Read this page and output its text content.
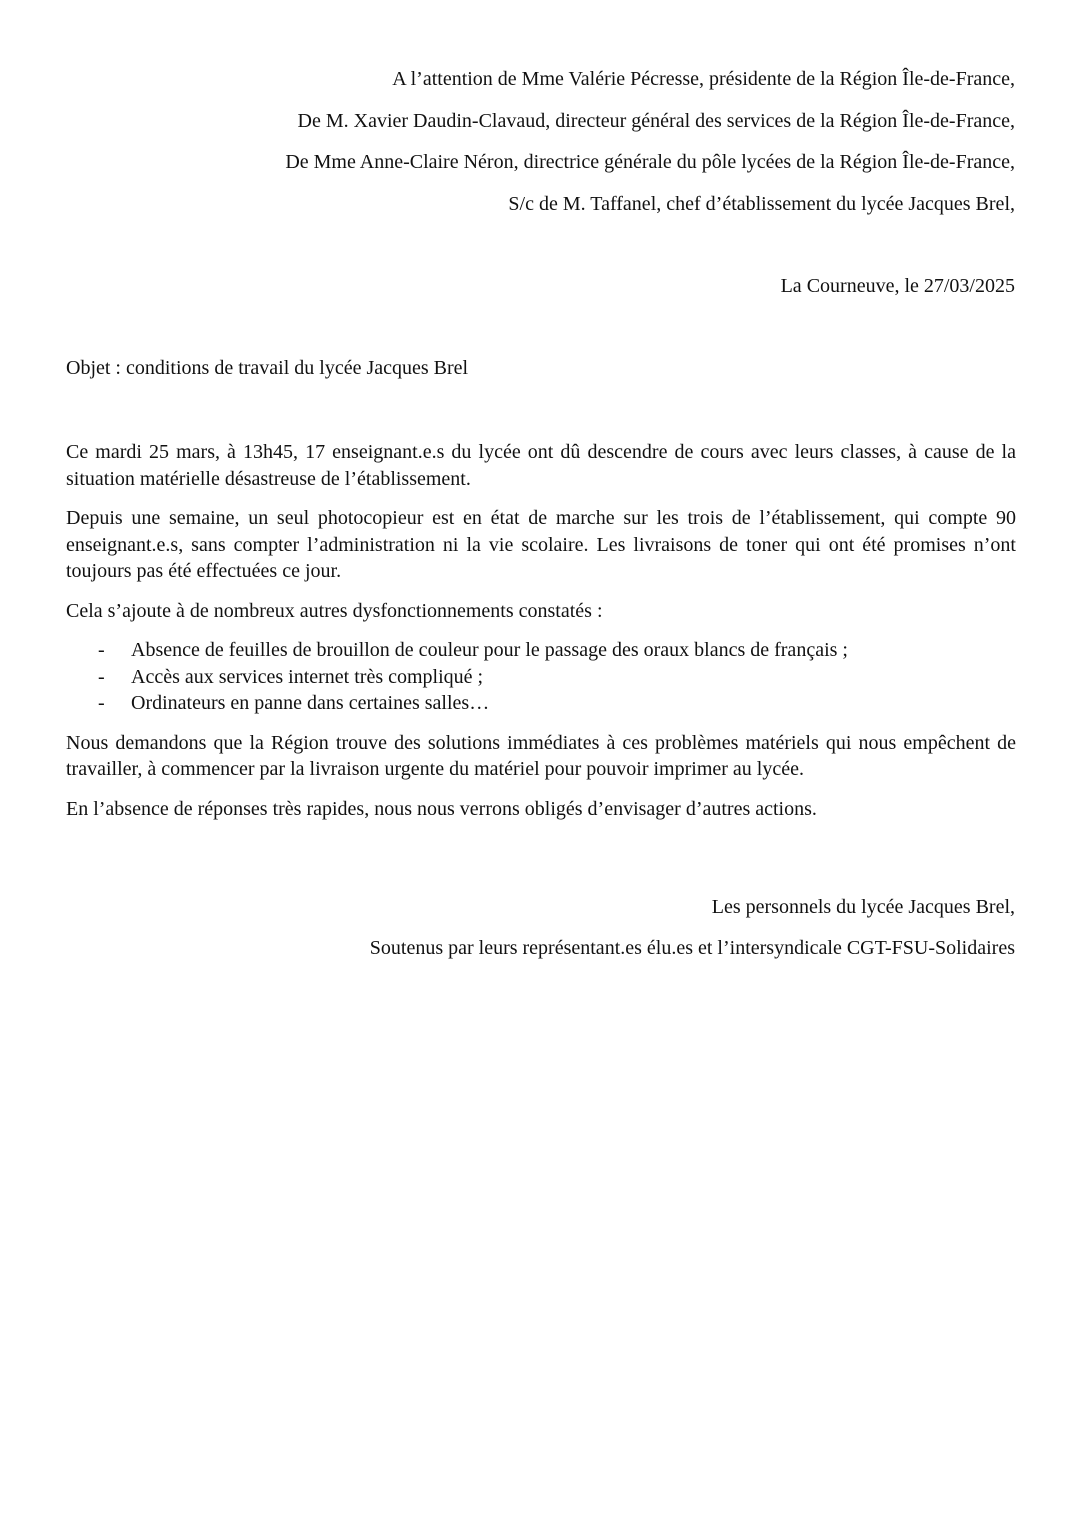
A l’attention de Mme Valérie Pécresse, présidente de la Région Île-de-France,
De M. Xavier Daudin-Clavaud, directeur général des services de la Région Île-de-France,
De Mme Anne-Claire Néron, directrice générale du pôle lycées de la Région Île-de-France,
S/c de M. Taffanel, chef d’établissement du lycée Jacques Brel,
La Courneuve, le 27/03/2025
Objet : conditions de travail du lycée Jacques Brel

Ce mardi 25 mars, à 13h45, 17 enseignant.e.s du lycée ont dû descendre de cours avec leurs classes, à cause de la situation matérielle désastreuse de l’établissement.

Depuis une semaine, un seul photocopieur est en état de marche sur les trois de l’établissement, qui compte 90 enseignant.e.s, sans compter l’administration ni la vie scolaire. Les livraisons de toner qui ont été promises n’ont toujours pas été effectuées ce jour.

Cela s’ajoute à de nombreux autres dysfonctionnements constatés :

- Absence de feuilles de brouillon de couleur pour le passage des oraux blancs de français ;
- Accès aux services internet très compliqué ;
- Ordinateurs en panne dans certaines salles…

Nous demandons que la Région trouve des solutions immédiates à ces problèmes matériels qui nous empêchent de travailler, à commencer par la livraison urgente du matériel pour pouvoir imprimer au lycée.

En l’absence de réponses très rapides, nous nous verrons obligés d’envisager d’autres actions.

Les personnels du lycée Jacques Brel,
Soutenus par leurs représentant.es élu.es et l’intersyndicale CGT-FSU-Solidaires
